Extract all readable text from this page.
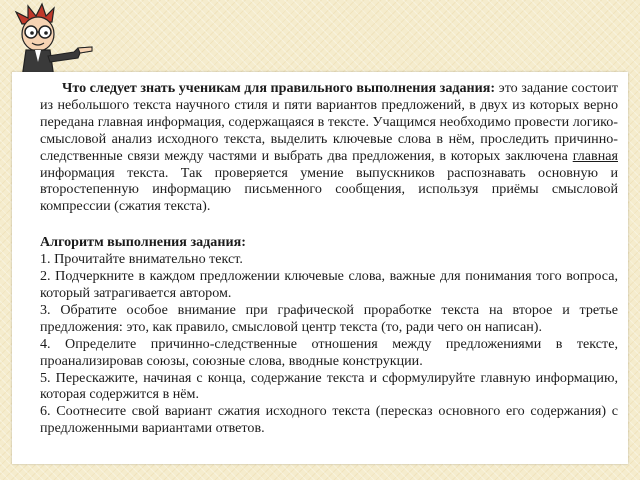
Что следует знать ученикам для правильного выполнения задания: это задание состоит из небольшого текста научного стиля и пяти вариантов предложений, в двух из которых верно передана главная информация, содержащаяся в тексте. Учащимся необходимо провести логико-смысловой анализ исходного текста, выделить ключевые слова в нём, проследить причинно-следственные связи между частями и выбрать два предложения, в которых заключена главная информация текста. Так проверяется умение выпускников распознавать основную и второстепенную информацию письменного сообщения, используя приёмы смысловой компрессии (сжатия текста).

Алгоритм выполнения задания:

1. Прочитайте внимательно текст.

2. Подчеркните в каждом предложении ключевые слова, важные для понимания того вопроса, который затрагивается автором.

3. Обратите особое внимание при графической проработке текста на второе и третье предложения: это, как правило, смысловой центр текста (то, ради чего он написан).

4. Определите причинно-следственные отношения между предложениями в тексте, проанализировав союзы, союзные слова, вводные конструкции.

5. Перескажите, начиная с конца, содержание текста и сформулируйте главную информацию, которая содержится в нём.

6. Соотнесите свой вариант сжатия исходного текста (пересказ основного его содержания) с предложенными вариантами ответов.
